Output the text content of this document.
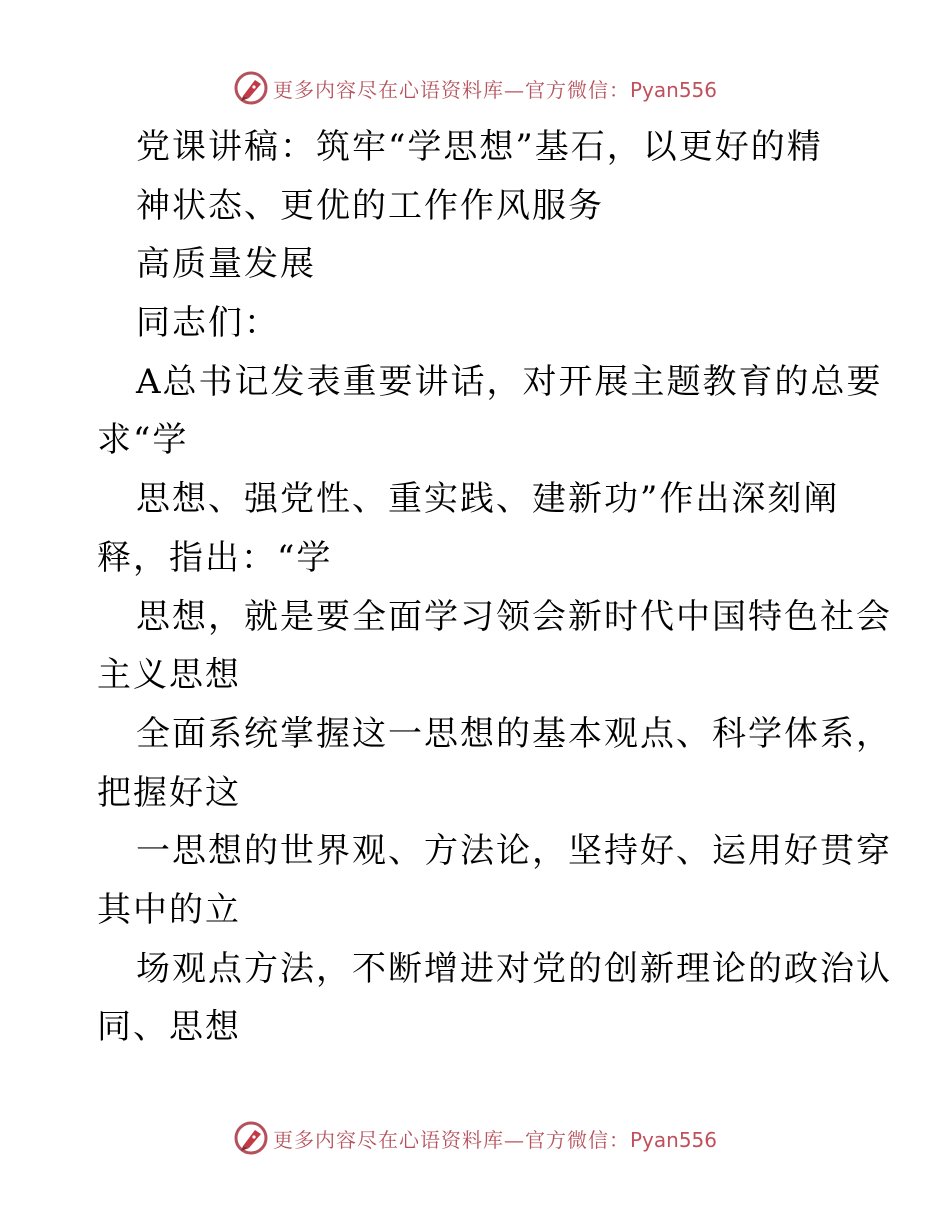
更多内容尽在心语资料库—官方微信：Pyan556
党课讲稿：筑牢“学思想”基石，以更好的精
神状态、更优的工作作风服务
高质量发展
同志们：
A总书记发表重要讲话，对开展主题教育的总要
求“学
思想、强党性、重实践、建新功”作出深刻阐
释，指出：“学
思想，就是要全面学习领会新时代中国特色社会
主义思想
全面系统掌握这一思想的基本观点、科学体系，
把握好这
一思想的世界观、方法论，坚持好、运用好贯穿
其中的立
场观点方法，不断增进对党的创新理论的政治认
同、思想
更多内容尽在心语资料库—官方微信：Pyan556
